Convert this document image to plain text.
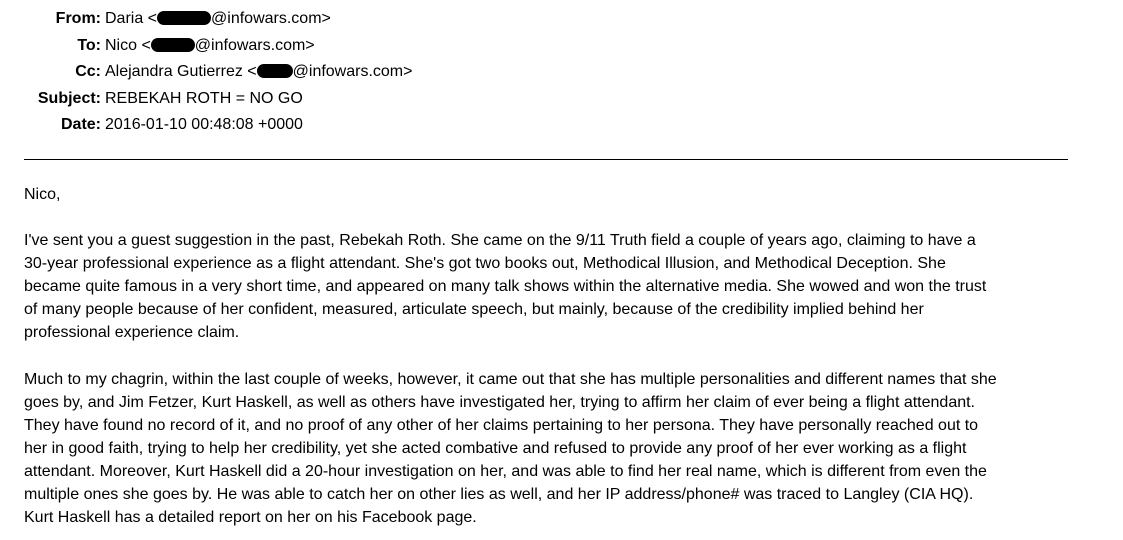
From: Daria <	@infowars.com>
To: Nico <	@infowars.com>
Cc: Alejandra Gutierrez < @infowars.com>
Subject: REBEKAH ROTH = NO GO
Date: 2016-01-10 00:48:08 +0000

Nico,

I've sent you a guest suggestion in the past, Rebekah Roth. She came on the 9/11 Truth field a couple of years ago, claiming to have a
30-year professional experience as a flight attendant. She's got two books out, Methodical Illusion, and Methodical Deception. She
became quite famous in a very short time, and appeared on many talk shows within the alternative media. She wowed and won the trust
of many people because of her confident, measured, articulate speech, but mainly, because of the credibility implied behind her
professional experience claim.

Much to my chagrin, within the last couple of weeks, however, it came out that she has multiple personalities and different names that she
goes by, and Jim Fetzer, Kurt Haskell, as well as others have investigated her, trying to affirm her claim of ever being a flight attendant.
They have found no record of it, and no proof of any other of her claims pertaining to her persona. They have personally reached out to
her in good faith, trying to help her credibility, yet she acted combative and refused to provide any proof of her ever working as a flight
attendant. Moreover, Kurt Haskell did a 20-hour investigation on her, and was able to find her real name, which is different from even the
multiple ones she goes by. He was able to catch her on other lies as well, and her IP address/phone# was traced to Langley (CIA HQ).
Kurt Haskell has a detailed report on her on his Facebook page.
